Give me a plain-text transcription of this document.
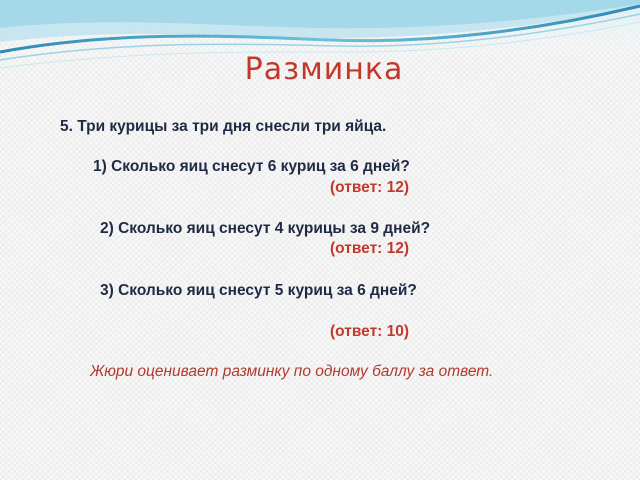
Разминка
5. Три курицы за три дня снесли три яйца.
1) Сколько яиц снесут 6 куриц за 6 дней?
(ответ: 12)
2) Сколько яиц снесут 4 курицы за 9 дней?
(ответ: 12)
3) Сколько яиц снесут 5 куриц за 6 дней?
(ответ: 10)
Жюри оценивает разминку по одному баллу за ответ.
